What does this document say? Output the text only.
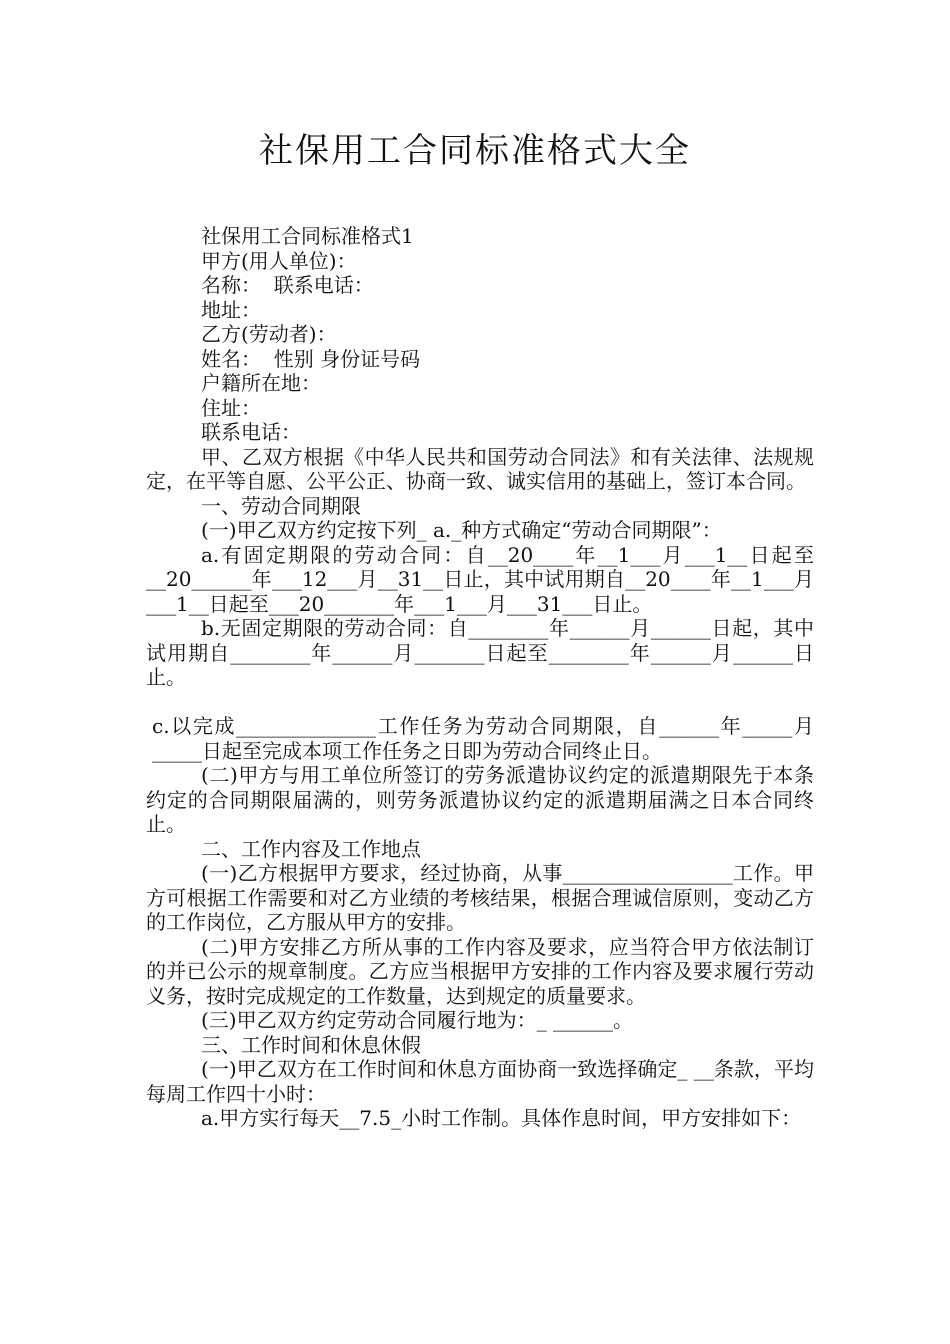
社保用工合同标准格式大全

社保用工合同标准格式1

甲方(用人单位)：

名称：  联系电话：

地址：

乙方(劳动者)：

姓名：  性别 身份证号码

户籍所在地：

住址：

联系电话：

甲、乙双方根据《中华人民共和国劳动合同法》和有关法律、法规规定，在平等自愿、公平公正、协商一致、诚实信用的基础上，签订本合同。

一、劳动合同期限

(一)甲乙双方约定按下列_ a._种方式确定“劳动合同期限”：

a.有固定期限的劳动合同：自__20____年__1___月___1__日起至__20______年___12___月__31__日止，其中试用期自__20____年__1___月___1__日起至___20_______年___1___月___31___日止。

b.无固定期限的劳动合同：自________年______月______日起，其中试用期自________年______月_______日起至________年______月______日止。

c.以完成______________工作任务为劳动合同期限，自______年_____月_____日起至完成本项工作任务之日即为劳动合同终止日。

(二)甲方与用工单位所签订的劳务派遣协议约定的派遣期限先于本条约定的合同期限届满的，则劳务派遣协议约定的派遣期届满之日本合同终止。

二、工作内容及工作地点

(一)乙方根据甲方要求，经过协商，从事_________________工作。甲方可根据工作需要和对乙方业绩的考核结果，根据合理诚信原则，变动乙方的工作岗位，乙方服从甲方的安排。

(二)甲方安排乙方所从事的工作内容及要求，应当符合甲方依法制订的并已公示的规章制度。乙方应当根据甲方安排的工作内容及要求履行劳动义务，按时完成规定的工作数量，达到规定的质量要求。

(三)甲乙双方约定劳动合同履行地为：_ ______。

三、工作时间和休息休假

(一)甲乙双方在工作时间和休息方面协商一致选择确定_ __条款，平均每周工作四十小时：

a.甲方实行每天__7.5_小时工作制。具体作息时间，甲方安排如下：
